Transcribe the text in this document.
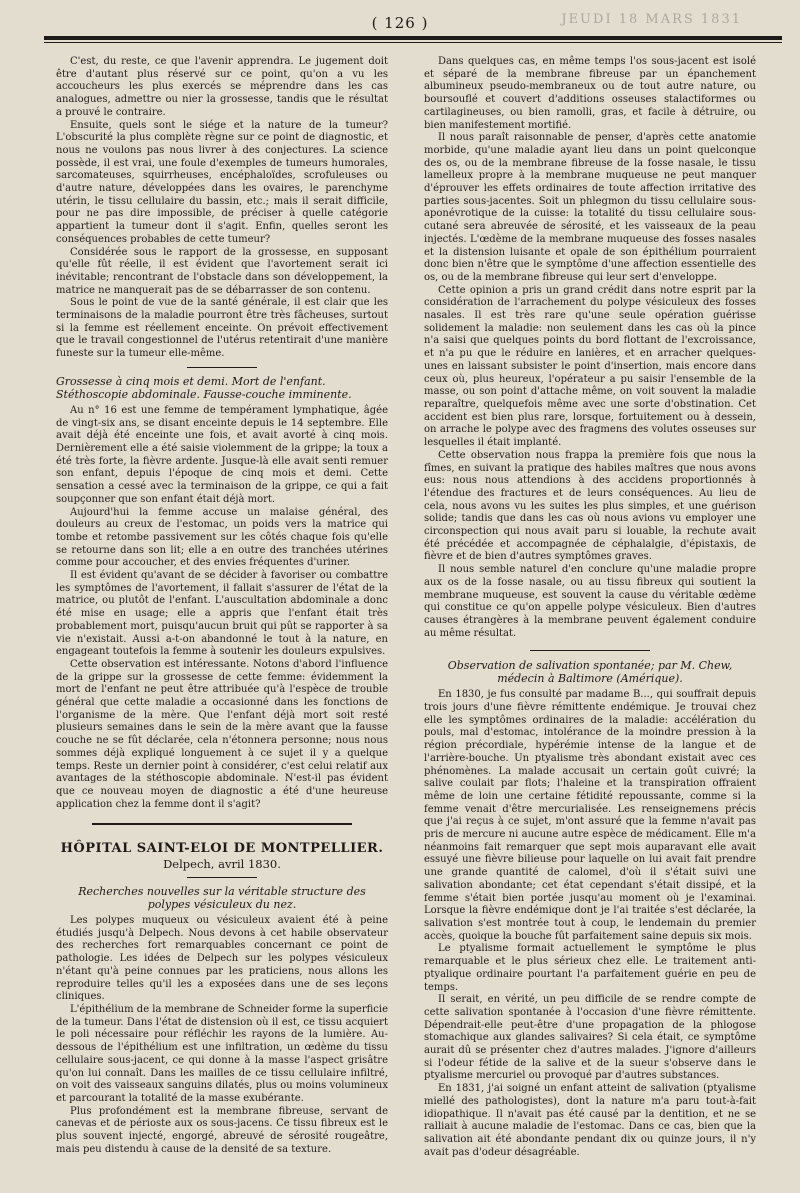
( 126 )	JEUDI 18 MARS 1831

C'est, du reste, ce que l'avenir apprendra. Le jugement doit être d'autant plus réservé sur ce point, qu'on a vu les accoucheurs les plus exercés se méprendre dans les cas analogues, admettre ou nier la grossesse, tandis que le résultat a prouvé le contraire.

Ensuite, quels sont le siége et la nature de la tumeur? L'obscurité la plus complète règne sur ce point de diagnostic, et nous ne voulons pas nous livrer à des conjectures. La science possède, il est vrai, une foule d'exemples de tumeurs humorales, sarcomateuses, squirrheuses, encéphaloïdes, scrofuleuses ou d'autre nature, développées dans les ovaires, le parenchyme utérin, le tissu cellulaire du bassin, etc.; mais il serait difficile, pour ne pas dire impossible, de préciser à quelle catégorie appartient la tumeur dont il s'agit. Enfin, quelles seront les conséquences probables de cette tumeur?

Considérée sous le rapport de la grossesse, en supposant qu'elle fût réelle, il est évident que l'avortement serait ici inévitable; rencontrant de l'obstacle dans son développement, la matrice ne manquerait pas de se débarrasser de son contenu.

Sous le point de vue de la santé générale, il est clair que les terminaisons de la maladie pourront être très fâcheuses, surtout si la femme est réellement enceinte. On prévoit effectivement que le travail congestionnel de l'utérus retentirait d'une manière funeste sur la tumeur elle-même.

Grossesse à cinq mois et demi. Mort de l'enfant. Stéthoscopie abdominale. Fausse-couche imminente.

Au n° 16 est une femme de tempérament lymphatique, âgée de vingt-six ans, se disant enceinte depuis le 14 septembre. Elle avait déjà été enceinte une fois, et avait avorté à cinq mois. Dernièrement elle a été saisie violemment de la grippe; la toux a été très forte, la fièvre ardente. Jusque-là elle avait senti remuer son enfant, depuis l'époque de cinq mois et demi. Cette sensation a cessé avec la terminaison de la grippe, ce qui a fait soupçonner que son enfant était déjà mort.

Aujourd'hui la femme accuse un malaise général, des douleurs au creux de l'estomac, un poids vers la matrice qui tombe et retombe passivement sur les côtés chaque fois qu'elle se retourne dans son lit; elle a en outre des tranchées utérines comme pour accoucher, et des envies fréquentes d'uriner.

Il est évident qu'avant de se décider à favoriser ou combattre les symptômes de l'avortement, il fallait s'assurer de l'état de la matrice, ou plutôt de l'enfant. L'auscultation abdominale a donc été mise en usage; elle a appris que l'enfant était très probablement mort, puisqu'aucun bruit qui pût se rapporter à sa vie n'existait. Aussi a-t-on abandonné le tout à la nature, en engageant toutefois la femme à soutenir les douleurs expulsives.

Cette observation est intéressante. Notons d'abord l'influence de la grippe sur la grossesse de cette femme: évidemment la mort de l'enfant ne peut être attribuée qu'à l'espèce de trouble général que cette maladie a occasionné dans les fonctions de l'organisme de la mère. Que l'enfant déjà mort soit resté plusieurs semaines dans le sein de la mère avant que la fausse couche ne se fût déclarée, cela n'étonnera personne; nous nous sommes déjà expliqué longuement à ce sujet il y a quelque temps. Reste un dernier point à considérer, c'est celui relatif aux avantages de la stéthoscopie abdominale. N'est-il pas évident que ce nouveau moyen de diagnostic a été d'une heureuse application chez la femme dont il s'agit?

HÔPITAL SAINT-ELOI DE MONTPELLIER.
Delpech, avril 1830.
Recherches nouvelles sur la véritable structure des polypes vésiculeux du nez.

Les polypes muqueux ou vésiculeux avaient été à peine étudiés jusqu'à Delpech. Nous devons à cet habile observateur des recherches fort remarquables concernant ce point de pathologie. Les idées de Delpech sur les polypes vésiculeux n'étant qu'à peine connues par les praticiens, nous allons les reproduire telles qu'il les a exposées dans une de ses leçons cliniques.

L'épithélium de la membrane de Schneider forme la superficie de la tumeur. Dans l'état de distension où il est, ce tissu acquiert le poli nécessaire pour réfléchir les rayons de la lumière. Au-dessous de l'épithélium est une infiltration, un œdème du tissu cellulaire sous-jacent, ce qui donne à la masse l'aspect grisâtre qu'on lui connaît. Dans les mailles de ce tissu cellulaire infiltré, on voit des vaisseaux sanguins dilatés, plus ou moins volumineux et parcourant la totalité de la masse exubérante.

Plus profondément est la membrane fibreuse, servant de canevas et de périoste aux os sous-jacens. Ce tissu fibreux est le plus souvent injecté, engorgé, abreuvé de sérosité rougeâtre, mais peu distendu à cause de la densité de sa texture.

Dans quelques cas, en même temps l'os sous-jacent est isolé et séparé de la membrane fibreuse par un épanchement albumineux pseudo-membraneux ou de tout autre nature, ou boursouflé et couvert d'additions osseuses stalactiformes ou cartilagineuses, ou bien ramolli, gras, et facile à détruire, ou bien manifestement mortifié.

Il nous paraît raisonnable de penser, d'après cette anatomie morbide, qu'une maladie ayant lieu dans un point quelconque des os, ou de la membrane fibreuse de la fosse nasale, le tissu lamelleux propre à la membrane muqueuse ne peut manquer d'éprouver les effets ordinaires de toute affection irritative des parties sous-jacentes. Soit un phlegmon du tissu cellulaire sous-aponévrotique de la cuisse: la totalité du tissu cellulaire sous-cutané sera abreuvée de sérosité, et les vaisseaux de la peau injectés. L'œdème de la membrane muqueuse des fosses nasales et la distension luisante et opale de son épithélium pourraient donc bien n'être que le symptôme d'une affection essentielle des os, ou de la membrane fibreuse qui leur sert d'enveloppe.

Cette opinion a pris un grand crédit dans notre esprit par la considération de l'arrachement du polype vésiculeux des fosses nasales. Il est très rare qu'une seule opération guérisse solidement la maladie: non seulement dans les cas où la pince n'a saisi que quelques points du bord flottant de l'excroissance, et n'a pu que le réduire en lanières, et en arracher quelques-unes en laissant subsister le point d'insertion, mais encore dans ceux où, plus heureux, l'opérateur a pu saisir l'ensemble de la masse, ou son point d'attache même, on voit souvent la maladie reparaître, quelquefois même avec une sorte d'obstination. Cet accident est bien plus rare, lorsque, fortuitement ou à dessein, on arrache le polype avec des fragmens des volutes osseuses sur lesquelles il était implanté.

Cette observation nous frappa la première fois que nous la fîmes, en suivant la pratique des habiles maîtres que nous avons eus: nous nous attendions à des accidens proportionnés à l'étendue des fractures et de leurs conséquences. Au lieu de cela, nous avons vu les suites les plus simples, et une guérison solide; tandis que dans les cas où nous avions vu employer une circonspection qui nous avait paru si louable, la rechute avait été précédée et accompagnée de céphalalgie, d'épistaxis, de fièvre et de bien d'autres symptômes graves.

Il nous semble naturel d'en conclure qu'une maladie propre aux os de la fosse nasale, ou au tissu fibreux qui soutient la membrane muqueuse, est souvent la cause du véritable œdème qui constitue ce qu'on appelle polype vésiculeux. Bien d'autres causes étrangères à la membrane peuvent également conduire au même résultat.

Observation de salivation spontanée; par M. Chew, médecin à Baltimore (Amérique).

En 1830, je fus consulté par madame B..., qui souffrait depuis trois jours d'une fièvre rémittente endémique. Je trouvai chez elle les symptômes ordinaires de la maladie: accélération du pouls, mal d'estomac, intolérance de la moindre pression à la région précordiale, hypérémie intense de la langue et de l'arrière-bouche. Un ptyalisme très abondant existait avec ces phénomènes. La malade accusait un certain goût cuivré; la salive coulait par flots; l'haleine et la transpiration offraient même de loin une certaine fétidité repoussante, comme si la femme venait d'être mercurialisée. Les renseignemens précis que j'ai reçus à ce sujet, m'ont assuré que la femme n'avait pas pris de mercure ni aucune autre espèce de médicament. Elle m'a néanmoins fait remarquer que sept mois auparavant elle avait essuyé une fièvre bilieuse pour laquelle on lui avait fait prendre une grande quantité de calomel, d'où il s'était suivi une salivation abondante; cet état cependant s'était dissipé, et la femme s'était bien portée jusqu'au moment où je l'examinai. Lorsque la fièvre endémique dont je l'ai traitée s'est déclarée, la salivation s'est montrée tout à coup, le lendemain du premier accès, quoique la bouche fût parfaitement saine depuis six mois.

Le ptyalisme formait actuellement le symptôme le plus remarquable et le plus sérieux chez elle. Le traitement anti-ptyalique ordinaire pourtant l'a parfaitement guérie en peu de temps.

Il serait, en vérité, un peu difficile de se rendre compte de cette salivation spontanée à l'occasion d'une fièvre rémittente. Dépendrait-elle peut-être d'une propagation de la phlogose stomachique aux glandes salivaires? Si cela était, ce symptôme aurait dû se présenter chez d'autres malades. J'ignore d'ailleurs si l'odeur fétide de la salive et de la sueur s'observe dans le ptyalisme mercuriel ou provoqué par d'autres substances.

En 1831, j'ai soigné un enfant atteint de salivation (ptyalisme miellé des pathologistes), dont la nature m'a paru tout-à-fait idiopathique. Il n'avait pas été causé par la dentition, et ne se ralliait à aucune maladie de l'estomac. Dans ce cas, bien que la salivation ait été abondante pendant dix ou quinze jours, il n'y avait pas d'odeur désagréable.
